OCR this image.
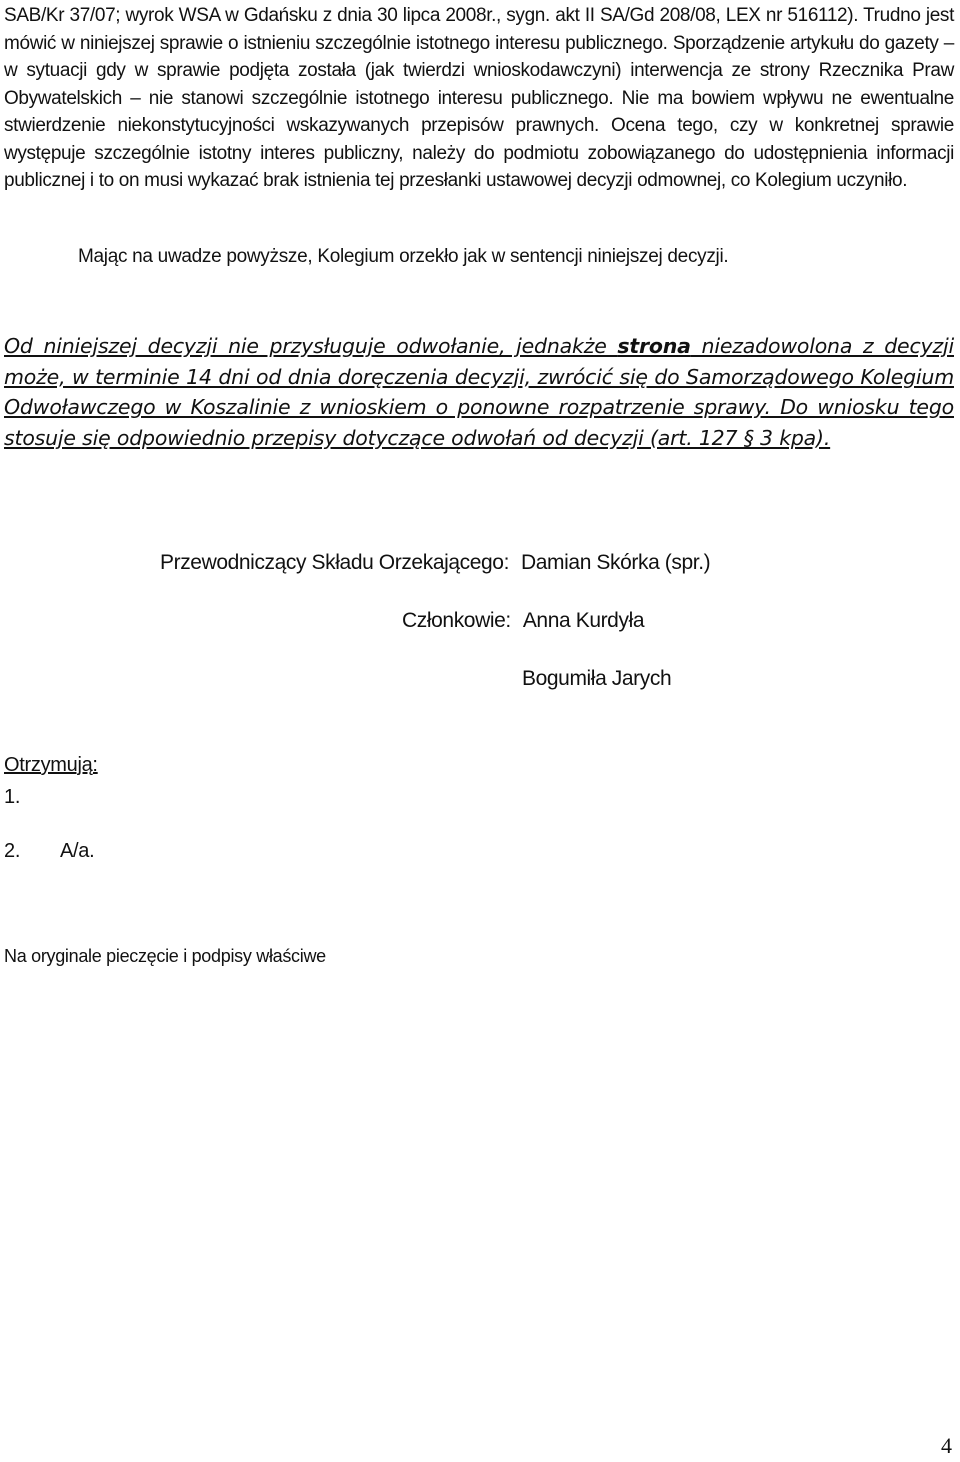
SAB/Kr 37/07; wyrok WSA w Gdańsku z dnia 30 lipca 2008r., sygn. akt II SA/Gd 208/08, LEX nr 516112). Trudno jest mówić w niniejszej sprawie o istnieniu szczególnie istotnego interesu publicznego. Sporządzenie artykułu do gazety – w sytuacji gdy w sprawie podjęta została (jak twierdzi wnioskodawczyni) interwencja ze strony Rzecznika Praw Obywatelskich – nie stanowi szczególnie istotnego interesu publicznego. Nie ma bowiem wpływu ne ewentualne stwierdzenie niekonstytucyjności wskazywanych przepisów prawnych. Ocena tego, czy w konkretnej sprawie występuje szczególnie istotny interes publiczny, należy do podmiotu zobowiązanego do udostępnienia informacji publicznej i to on musi wykazać brak istnienia tej przesłanki ustawowej decyzji odmownej, co Kolegium uczyniło.

Mając na uwadze powyższe, Kolegium orzekło jak w sentencji niniejszej decyzji.
Od niniejszej decyzji nie przysługuje odwołanie, jednakże strona niezadowolona z decyzji może, w terminie 14 dni od dnia doręczenia decyzji, zwrócić się do Samorządowego Kolegium Odwoławczego w Koszalinie z wnioskiem o ponowne rozpatrzenie sprawy. Do wniosku tego stosuje się odpowiednio przepisy dotyczące odwołań od decyzji (art. 127 § 3 kpa).
Przewodniczący Składu Orzekającego: Damian Skórka (spr.)
Członkowie: Anna Kurdyła
Bogumiła Jarych
Otrzymują:
1.
2. A/a.
Na oryginale pieczęcie i podpisy właściwe
4
